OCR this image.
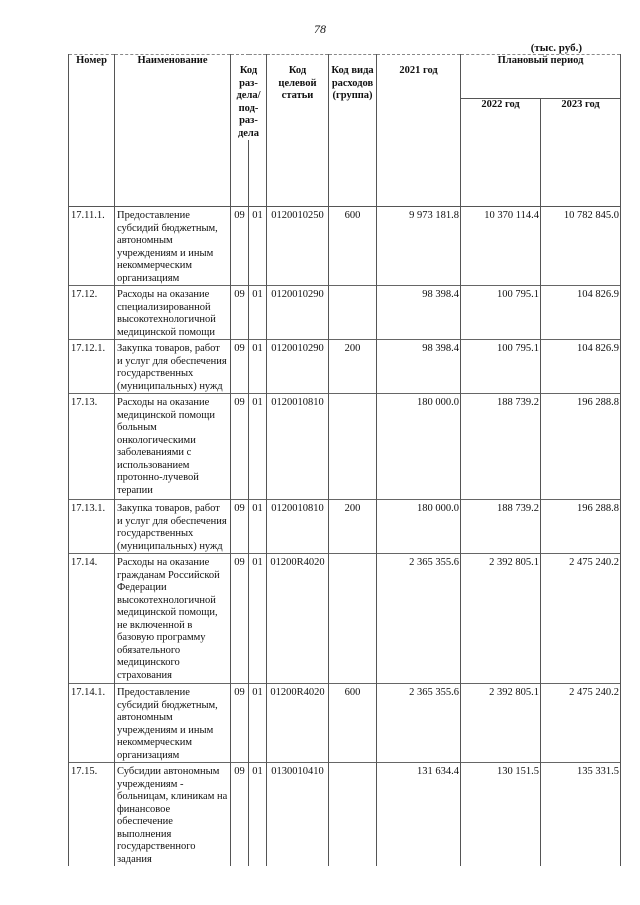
78
(тыс. руб.)
Номер	Наименование	Код раз-дела/ под-раз-дела		Код целевой статьи	Код вида расходов (группа)	2021 год	Плановый период	
							2022 год	2023 год

17.11.1.	Предоставление субсидий бюджетным, автономным учреждениям и иным некоммерческим организациям	09	01	0120010250	600	9 973 181.8	10 370 114.4	10 782 845.0
17.12.	Расходы на оказание специализированной высокотехнологичной медицинской помощи	09	01	0120010290		98 398.4	100 795.1	104 826.9
17.12.1.	Закупка товаров, работ и услуг для обеспечения государственных (муниципальных) нужд	09	01	0120010290	200	98 398.4	100 795.1	104 826.9
17.13.	Расходы на оказание медицинской помощи больным онкологическими заболеваниями с использованием протонно-лучевой терапии	09	01	0120010810		180 000.0	188 739.2	196 288.8
17.13.1.	Закупка товаров, работ и услуг для обеспечения государственных (муниципальных) нужд	09	01	0120010810	200	180 000.0	188 739.2	196 288.8
17.14.	Расходы на оказание гражданам Российской Федерации высокотехнологичной медицинской помощи, не включенной в базовую программу обязательного медицинского страхования	09	01	01200R4020		2 365 355.6	2 392 805.1	2 475 240.2
17.14.1.	Предоставление субсидий бюджетным, автономным учреждениям и иным некоммерческим организациям	09	01	01200R4020	600	2 365 355.6	2 392 805.1	2 475 240.2
17.15.	Субсидии автономным учреждениям - больницам, клиникам на финансовое обеспечение выполнения государственного задания	09	01	0130010410		131 634.4	130 151.5	135 331.5
